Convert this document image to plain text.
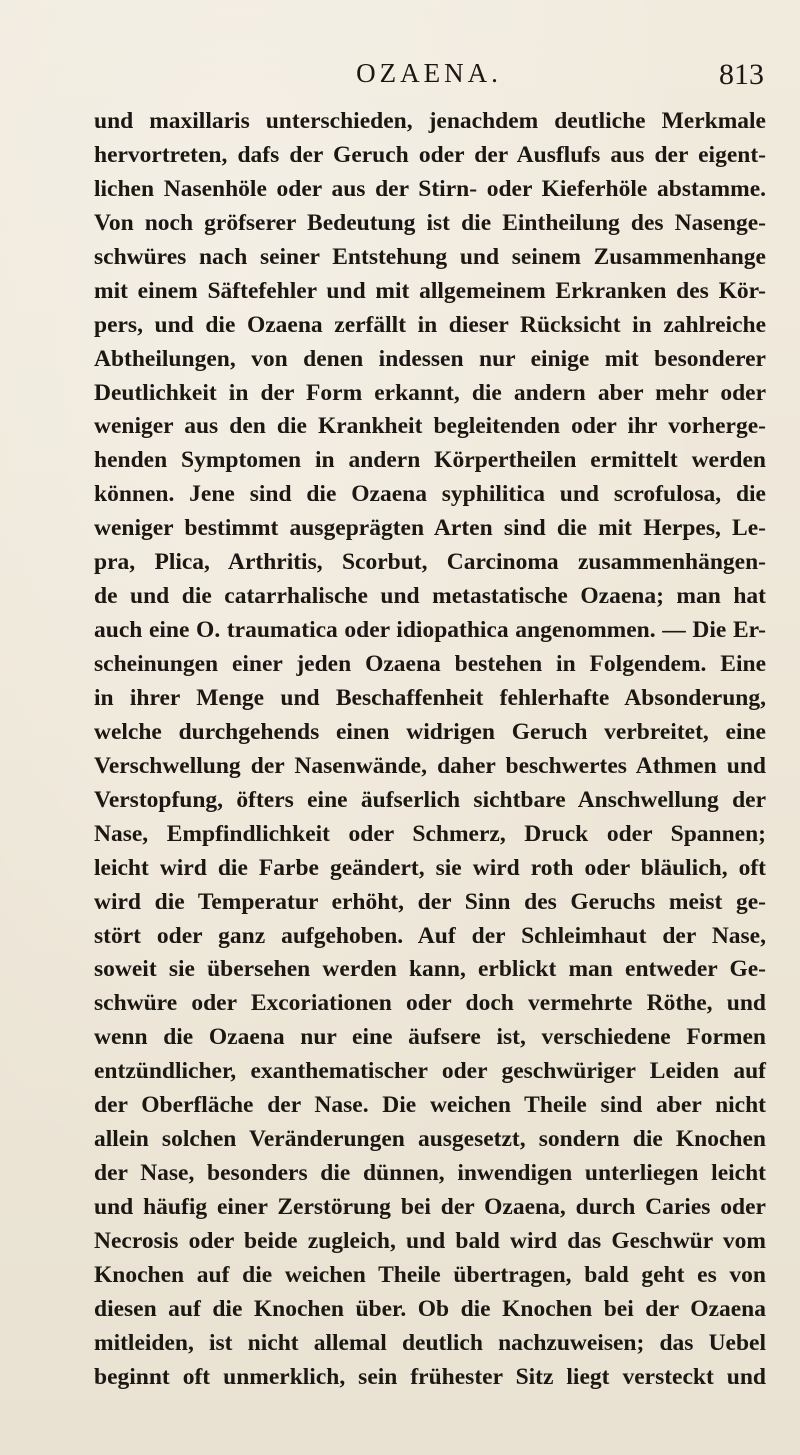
OZAENA.	813
und maxillaris unterschieden, jenachdem deutliche Merkmale
hervortreten, dafs der Geruch oder der Ausflufs aus der eigent-
lichen Nasenhöle oder aus der Stirn- oder Kieferhöle abstamme.
Von noch gröfserer Bedeutung ist die Eintheilung des Nasenge-
schwüres nach seiner Entstehung und seinem Zusammenhange
mit einem Säftefehler und mit allgemeinem Erkranken des Kör-
pers, und die Ozaena zerfällt in dieser Rücksicht in zahlreiche
Abtheilungen, von denen indessen nur einige mit besonderer
Deutlichkeit in der Form erkannt, die andern aber mehr oder
weniger aus den die Krankheit begleitenden oder ihr vorherge-
henden Symptomen in andern Körpertheilen ermittelt werden
können. Jene sind die Ozaena syphilitica und scrofulosa, die
weniger bestimmt ausgeprägten Arten sind die mit Herpes, Le-
pra, Plica, Arthritis, Scorbut, Carcinoma zusammenhängen-
de und die catarrhalische und metastatische Ozaena; man hat
auch eine O. traumatica oder idiopathica angenommen. — Die Er-
scheinungen einer jeden Ozaena bestehen in Folgendem. Eine
in ihrer Menge und Beschaffenheit fehlerhafte Absonderung,
welche durchgehends einen widrigen Geruch verbreitet, eine
Verschwellung der Nasenwände, daher beschwertes Athmen und
Verstopfung, öfters eine äufserlich sichtbare Anschwellung der
Nase, Empfindlichkeit oder Schmerz, Druck oder Spannen;
leicht wird die Farbe geändert, sie wird roth oder bläulich, oft
wird die Temperatur erhöht, der Sinn des Geruchs meist ge-
stört oder ganz aufgehoben. Auf der Schleimhaut der Nase,
soweit sie übersehen werden kann, erblickt man entweder Ge-
schwüre oder Excoriationen oder doch vermehrte Röthe, und
wenn die Ozaena nur eine äufsere ist, verschiedene Formen
entzündlicher, exanthematischer oder geschwüriger Leiden auf
der Oberfläche der Nase. Die weichen Theile sind aber nicht
allein solchen Veränderungen ausgesetzt, sondern die Knochen
der Nase, besonders die dünnen, inwendigen unterliegen leicht
und häufig einer Zerstörung bei der Ozaena, durch Caries oder
Necrosis oder beide zugleich, und bald wird das Geschwür vom
Knochen auf die weichen Theile übertragen, bald geht es von
diesen auf die Knochen über. Ob die Knochen bei der Ozaena
mitleiden, ist nicht allemal deutlich nachzuweisen; das Uebel
beginnt oft unmerklich, sein frühester Sitz liegt versteckt und
